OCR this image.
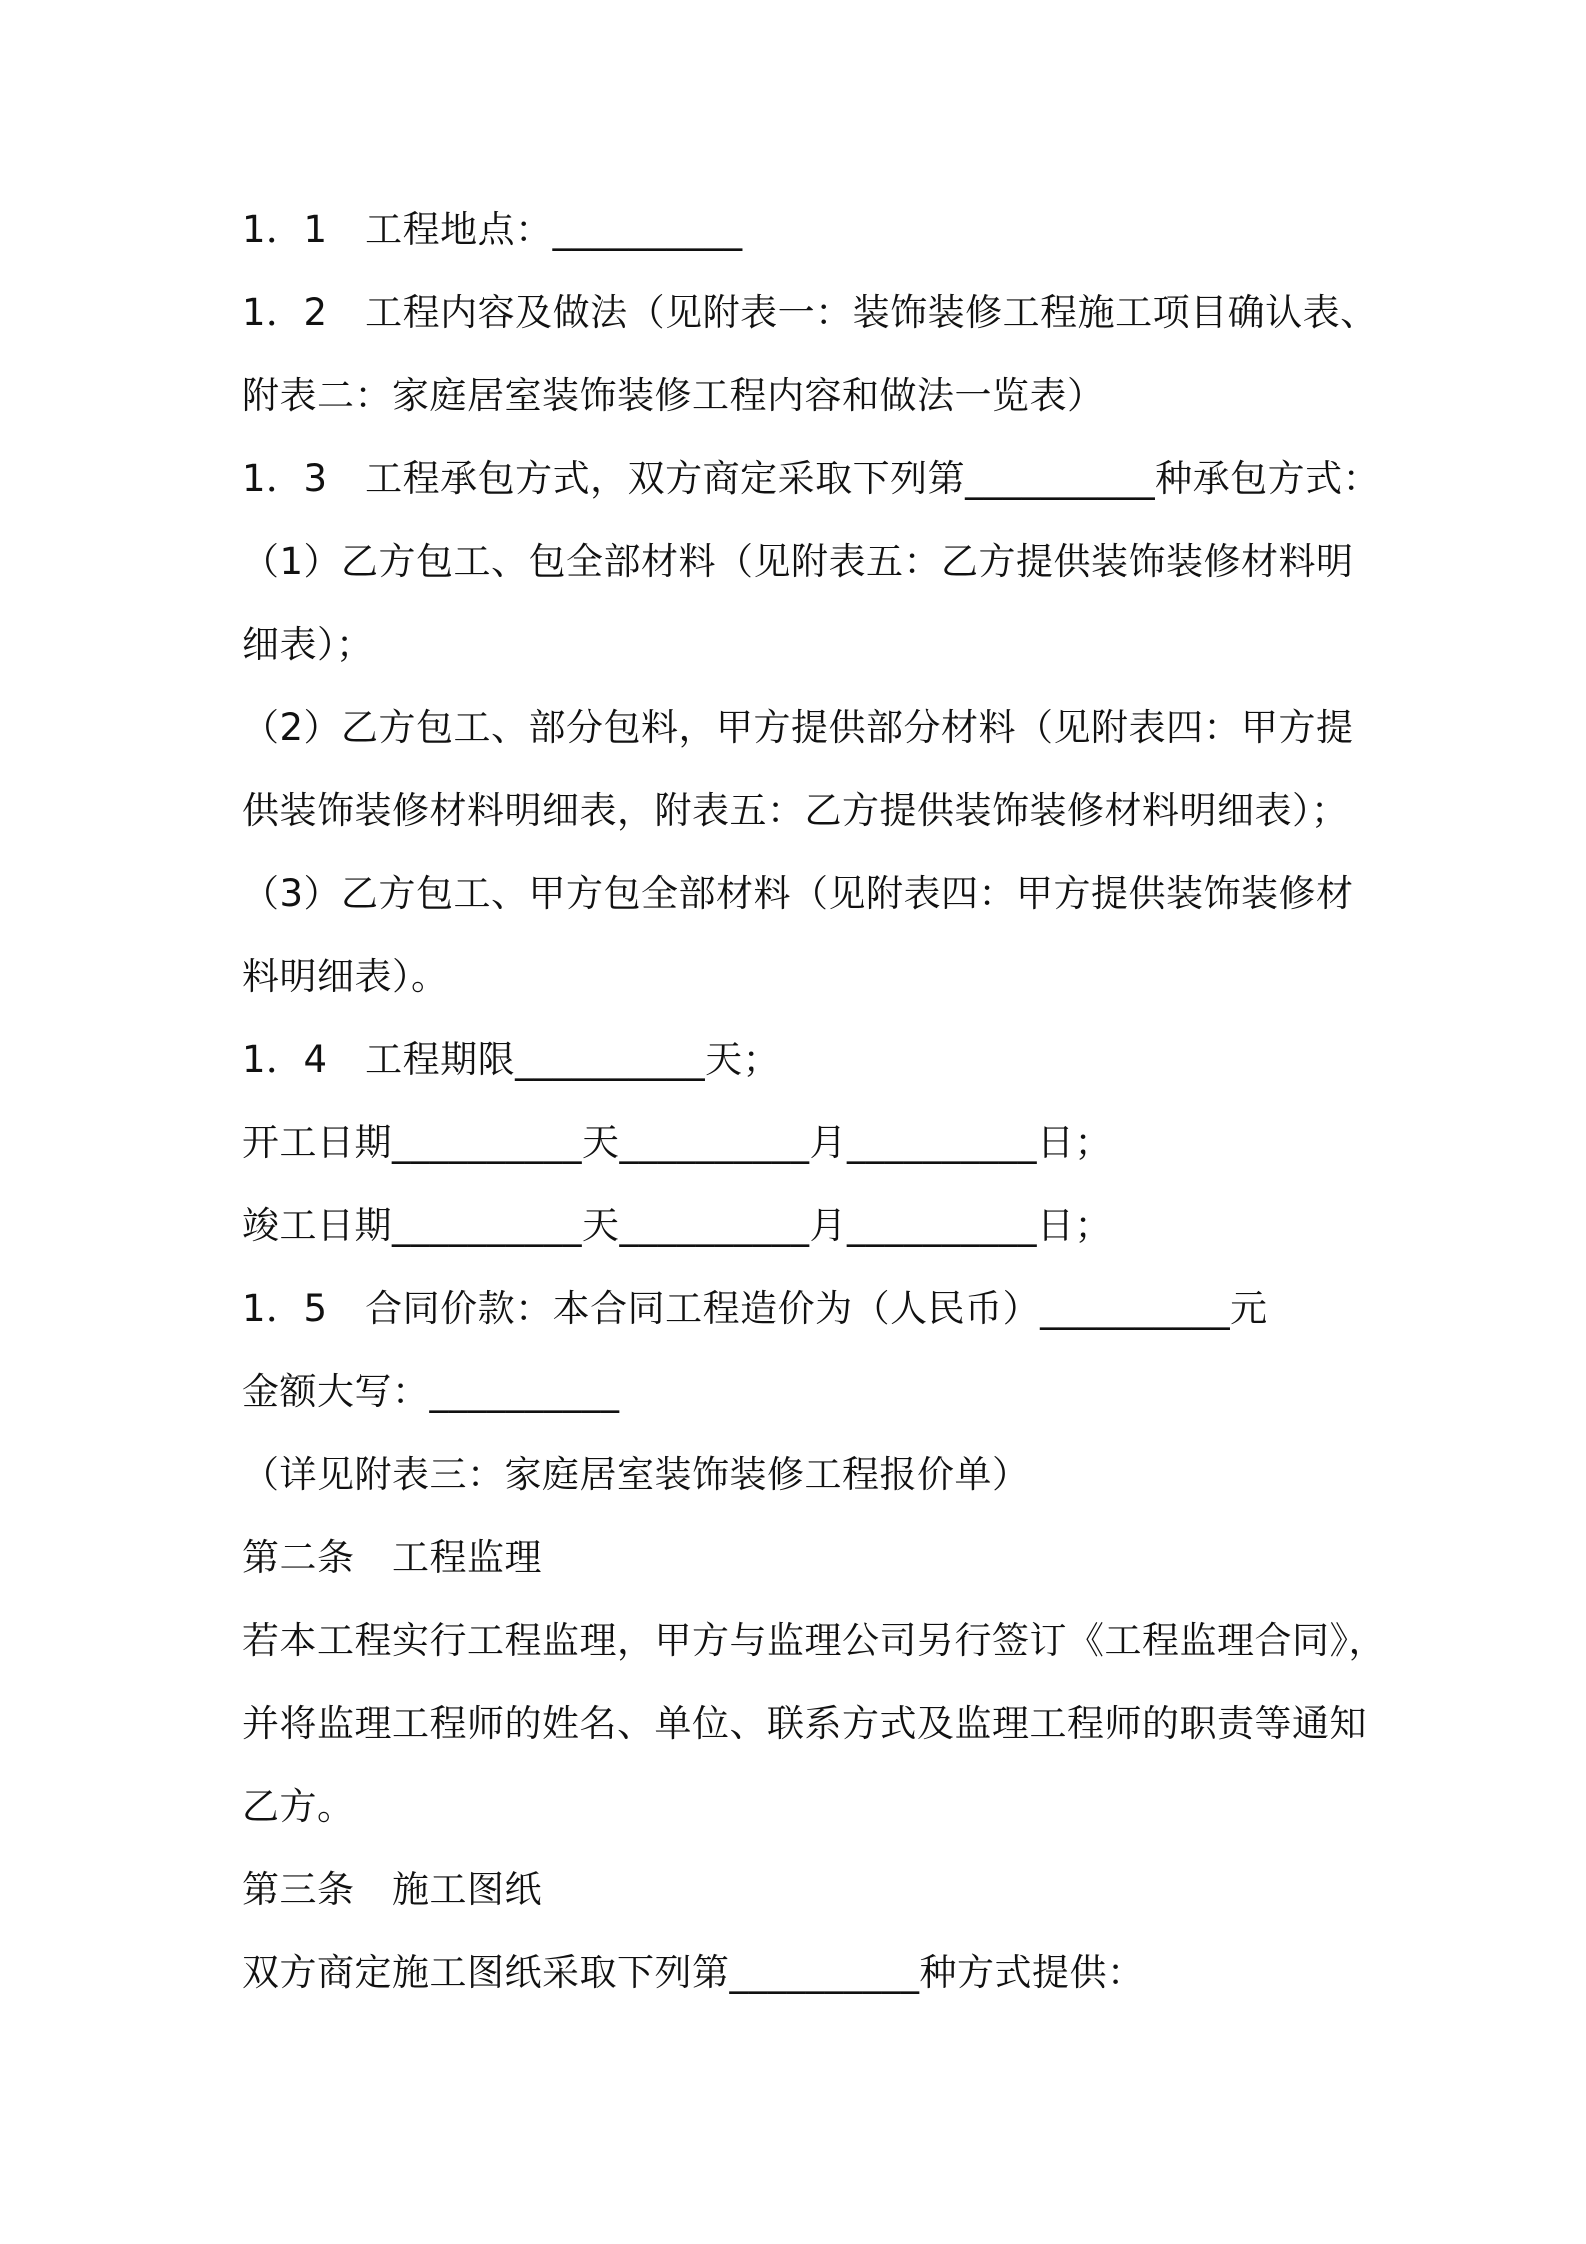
1．1　工程地点：__________
1．2　工程内容及做法（见附表一：装饰装修工程施工项目确认表、
附表二：家庭居室装饰装修工程内容和做法一览表）
1．3　工程承包方式，双方商定采取下列第__________种承包方式：
（1）乙方包工、包全部材料（见附表五：乙方提供装饰装修材料明
细表）；
（2）乙方包工、部分包料，甲方提供部分材料（见附表四：甲方提
供装饰装修材料明细表，附表五：乙方提供装饰装修材料明细表）；
（3）乙方包工、甲方包全部材料（见附表四：甲方提供装饰装修材
料明细表）。
1．4　工程期限__________天；
开工日期__________天__________月__________日；
竣工日期__________天__________月__________日；
1．5　合同价款：本合同工程造价为（人民币）__________元
金额大写：__________
（详见附表三：家庭居室装饰装修工程报价单）
第二条　工程监理
若本工程实行工程监理，甲方与监理公司另行签订《工程监理合同》，
并将监理工程师的姓名、单位、联系方式及监理工程师的职责等通知
乙方。
第三条　施工图纸
双方商定施工图纸采取下列第__________种方式提供：
